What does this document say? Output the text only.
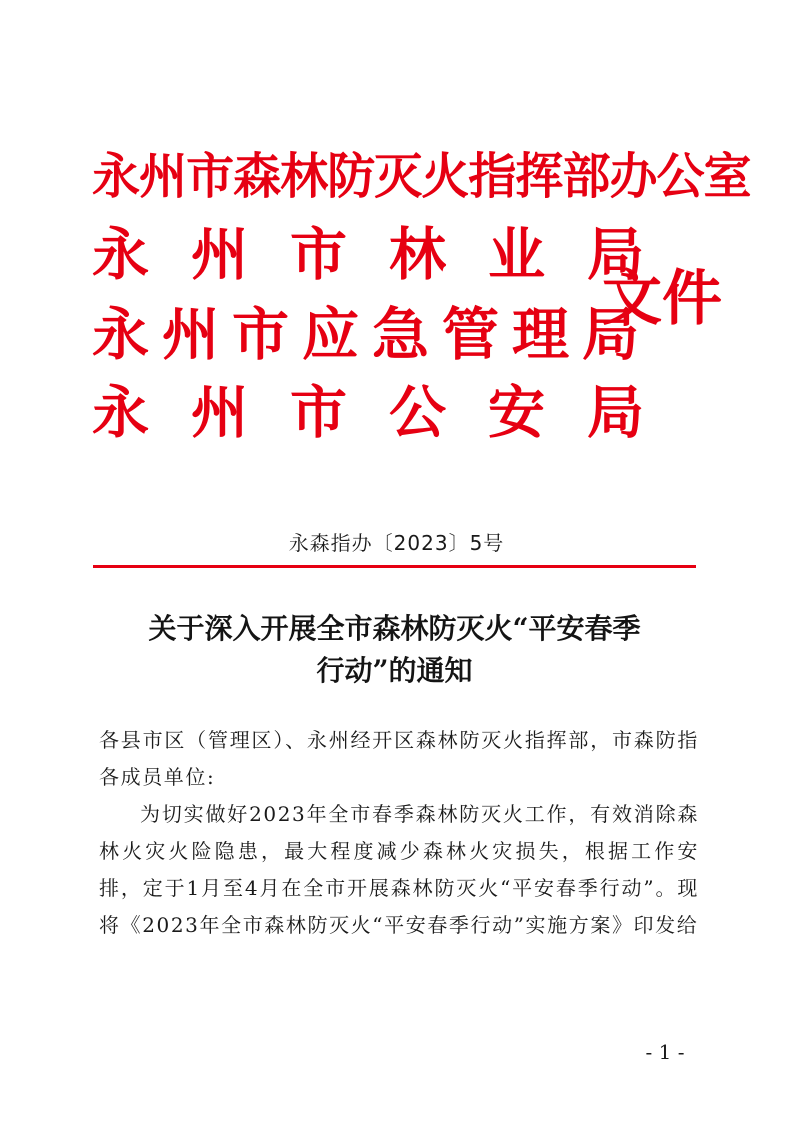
永州市森林防灭火指挥部办公室
永州市林业局
永州市应急管理局
永州市公安局
文件
永森指办〔2023〕5号
关于深入开展全市森林防灭火“平安春季
行动”的通知

各县市区（管理区）、永州经开区森林防灭火指挥部，市森防指各成员单位:

为切实做好2023年全市春季森林防灭火工作，有效消除森林火灾火险隐患，最大程度减少森林火灾损失，根据工作安排，定于1月至4月在全市开展森林防灭火“平安春季行动”。现将《2023年全市森林防灭火“平安春季行动”实施方案》印发给

- 1 -
